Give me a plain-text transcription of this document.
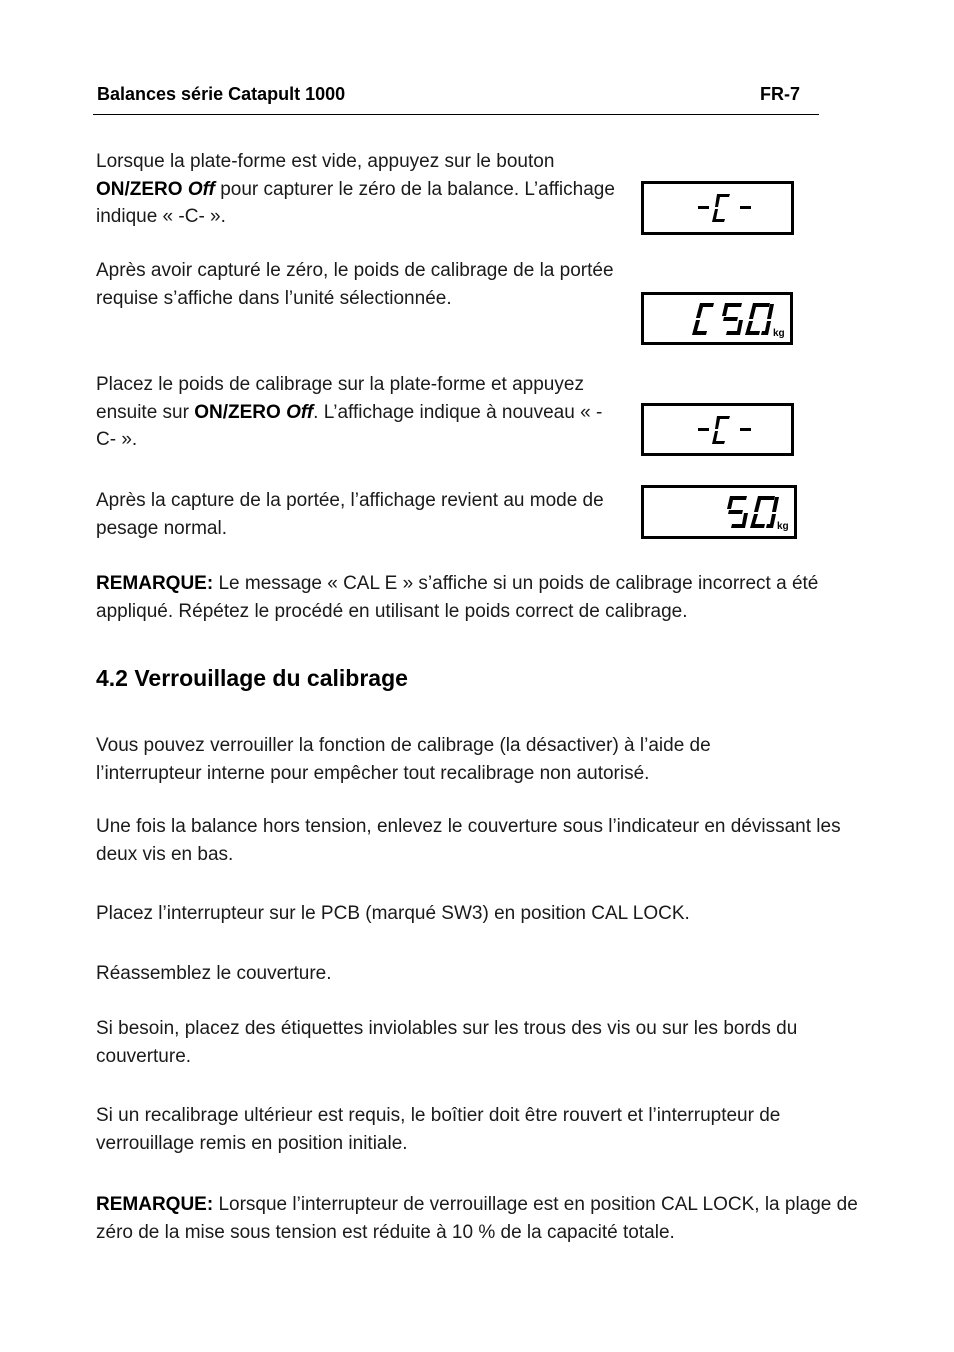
Balances série Catapult 1000	FR-7

Lorsque la plate-forme est vide, appuyez sur le bouton ON/ZERO Off pour capturer le zéro de la balance. L’affichage indique « -C- ».

Après avoir capturé le zéro, le poids de calibrage de la portée requise s’affiche dans l’unité sélectionnée.

Placez le poids de calibrage sur la plate-forme et appuyez ensuite sur ON/ZERO Off. L’affichage indique à nouveau « -C- ».

Après la capture de la portée, l’affichage revient au mode de pesage normal.

kg
kg

REMARQUE: Le message « CAL E » s’affiche si un poids de calibrage incorrect a été appliqué. Répétez le procédé en utilisant le poids correct de calibrage.

4.2 Verrouillage du calibrage

Vous pouvez verrouiller la fonction de calibrage (la désactiver) à l’aide de l’interrupteur interne pour empêcher tout recalibrage non autorisé.

Une fois la balance hors tension, enlevez le couverture sous l’indicateur en dévissant les deux vis en bas.

Placez l’interrupteur sur le PCB (marqué SW3) en position CAL LOCK.

Réassemblez le couverture.

Si besoin, placez des étiquettes inviolables sur les trous des vis ou sur les bords du couverture.

Si un recalibrage ultérieur est requis, le boîtier doit être rouvert et l’interrupteur de verrouillage remis en position initiale.

REMARQUE: Lorsque l’interrupteur de verrouillage est en position CAL LOCK, la plage de zéro de la mise sous tension est réduite à 10 % de la capacité totale.
